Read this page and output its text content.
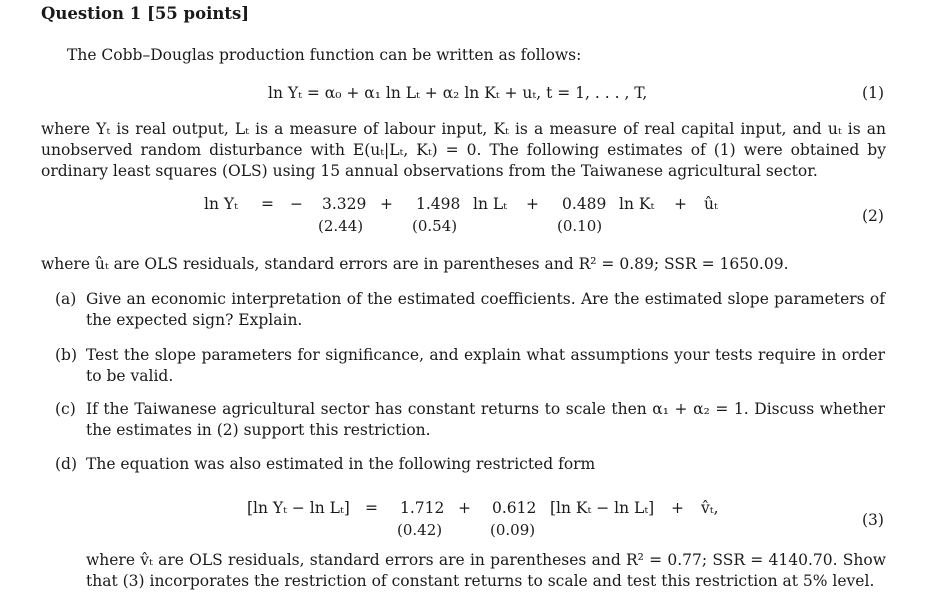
Question 1 [55 points]
The Cobb–Douglas production function can be written as follows:
ln Yₜ = α₀ + α₁ ln Lₜ + α₂ ln Kₜ + uₜ, t = 1, . . . , T,	(1)
where Yₜ is real output, Lₜ is a measure of labour input, Kₜ is a measure of real capital input, and uₜ is an unobserved random disturbance with E(uₜ|Lₜ, Kₜ) = 0. The following estimates of (1) were obtained by ordinary least squares (OLS) using 15 annual observations from the Taiwanese agricultural sector.
ln Yₜ = − 3.329 + 1.498 ln Lₜ + 0.489 ln Kₜ + ûₜ
(2.44)	(0.54)	(0.10)
(2)
where ûₜ are OLS residuals, standard errors are in parentheses and R² = 0.89; SSR = 1650.09.
(a) Give an economic interpretation of the estimated coefficients. Are the estimated slope parameters of the expected sign? Explain.
(b) Test the slope parameters for significance, and explain what assumptions your tests require in order to be valid.
(c) If the Taiwanese agricultural sector has constant returns to scale then α₁ + α₂ = 1. Discuss whether the estimates in (2) support this restriction.
(d) The equation was also estimated in the following restricted form
[ln Yₜ − ln Lₜ] = 1.712 + 0.612 [ln Kₜ − ln Lₜ] + v̂ₜ,
(0.42)	(0.09)
(3)
where v̂ₜ are OLS residuals, standard errors are in parentheses and R² = 0.77; SSR = 4140.70. Show that (3) incorporates the restriction of constant returns to scale and test this restriction at 5% level.
